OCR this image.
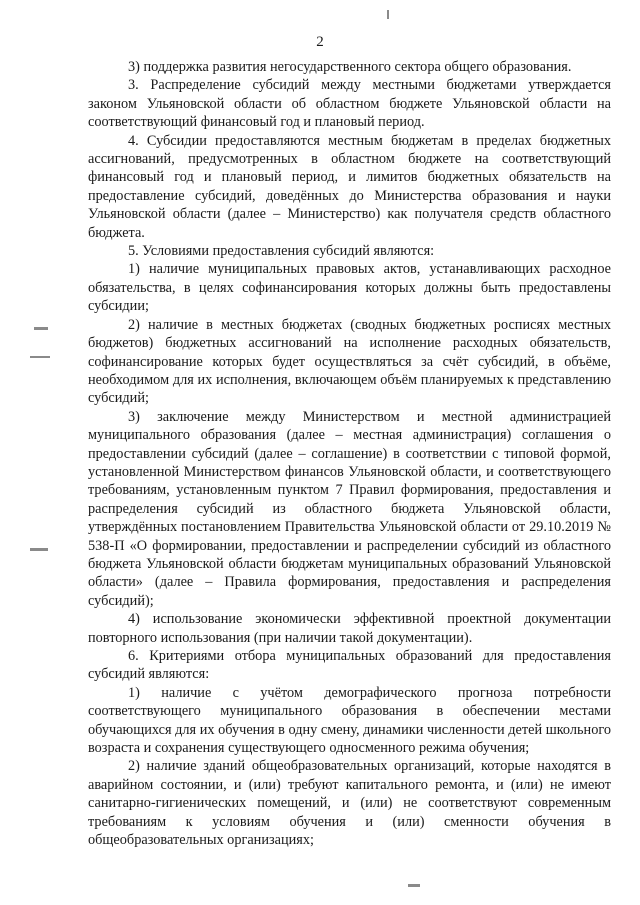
2

3) поддержка развития негосударственного сектора общего образования.

3. Распределение субсидий между местными бюджетами утверждается законом Ульяновской области об областном бюджете Ульяновской области на соответствующий финансовый год и плановый период.

4. Субсидии предоставляются местным бюджетам в пределах бюджетных ассигнований, предусмотренных в областном бюджете на соответствующий финансовый год и плановый период, и лимитов бюджетных обязательств на предоставление субсидий, доведённых до Министерства образования и науки Ульяновской области (далее – Министерство) как получателя средств областного бюджета.

5. Условиями предоставления субсидий являются:

1) наличие муниципальных правовых актов, устанавливающих расходное обязательства, в целях софинансирования которых должны быть предоставлены субсидии;

2) наличие в местных бюджетах (сводных бюджетных росписях местных бюджетов) бюджетных ассигнований на исполнение расходных обязательств, софинансирование которых будет осуществляться за счёт субсидий, в объёме, необходимом для их исполнения, включающем объём планируемых к представлению субсидий;

3) заключение между Министерством и местной администрацией муниципального образования (далее – местная администрация) соглашения о предоставлении субсидий (далее – соглашение) в соответствии с типовой формой, установленной Министерством финансов Ульяновской области, и соответствующего требованиям, установленным пунктом 7 Правил формирования, предоставления и распределения субсидий из областного бюджета Ульяновской области, утверждённых постановлением Правительства Ульяновской области от 29.10.2019 № 538-П «О формировании, предоставлении и распределении субсидий из областного бюджета Ульяновской области бюджетам муниципальных образований Ульяновской области» (далее – Правила формирования, предоставления и распределения субсидий);

4) использование экономически эффективной проектной документации повторного использования (при наличии такой документации).

6. Критериями отбора муниципальных образований для предоставления субсидий являются:

1) наличие с учётом демографического прогноза потребности соответствующего муниципального образования в обеспечении местами обучающихся для их обучения в одну смену, динамики численности детей школьного возраста и сохранения существующего односменного режима обучения;

2) наличие зданий общеобразовательных организаций, которые находятся в аварийном состоянии, и (или) требуют капитального ремонта, и (или) не имеют санитарно-гигиенических помещений, и (или) не соответствуют современным требованиям к условиям обучения и (или) сменности обучения в общеобразовательных организациях;
